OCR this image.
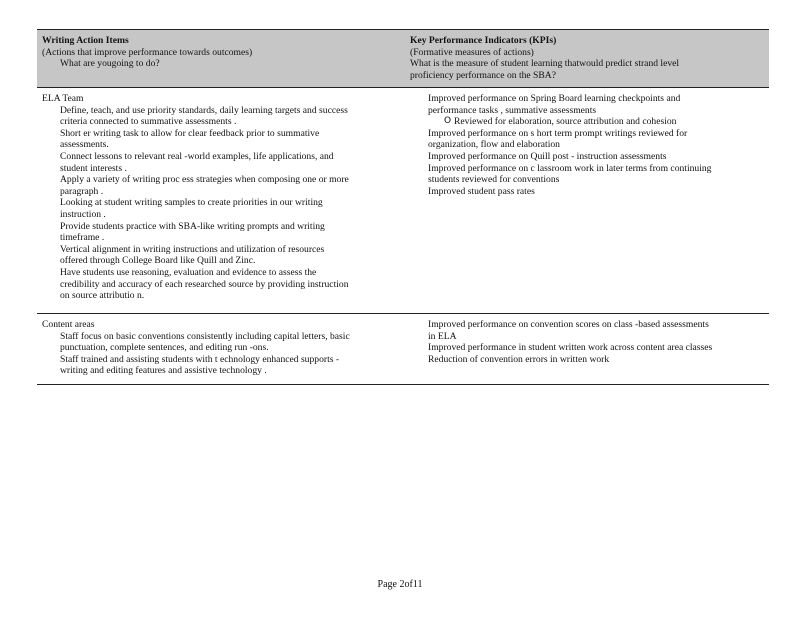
Writing Action Items
(Actions that improve performance towards outcomes)
What are yougoing to do?
Key Performance Indicators (KPIs)
(Formative measures of actions)
What is the measure of student learning thatwould predict strand level
proficiency performance on the SBA?
ELA Team
Define, teach, and use priority standards, daily learning targets and success
criteria connected to summative assessments .
Short er writing task to allow for clear feedback prior to summative
assessments.
Connect lessons to relevant real -world examples, life applications, and
student interests .
Apply a variety of writing proc ess strategies when composing one or more
paragraph .
Looking at student writing samples to create priorities in our writing
instruction .
Provide students practice with SBA-like writing prompts and writing
timeframe .
Vertical alignment in writing instructions and utilization of resources
offered through College Board like Quill and Zinc.
Have students use reasoning, evaluation and evidence to assess the
credibility and accuracy of each researched source by providing instruction
on source attributio n.
Improved performance on Spring Board learning checkpoints and
performance tasks , summative assessments
O Reviewed for elaboration, source attribution and cohesion
Improved performance on s hort term prompt writings reviewed for
organization, flow and elaboration
Improved performance on Quill post - instruction assessments
Improved performance on c lassroom work in later terms from continuing
students reviewed for conventions
Improved student pass rates
Content areas
Staff focus on basic conventions consistently including capital letters, basic
punctuation, complete sentences, and editing run -ons.
Staff trained and assisting students with t echnology enhanced supports -
writing and editing features and assistive technology .
Improved performance on convention scores on class -based assessments
in ELA
Improved performance in student written work across content area classes
Reduction of convention errors in written work
Page 2of11
